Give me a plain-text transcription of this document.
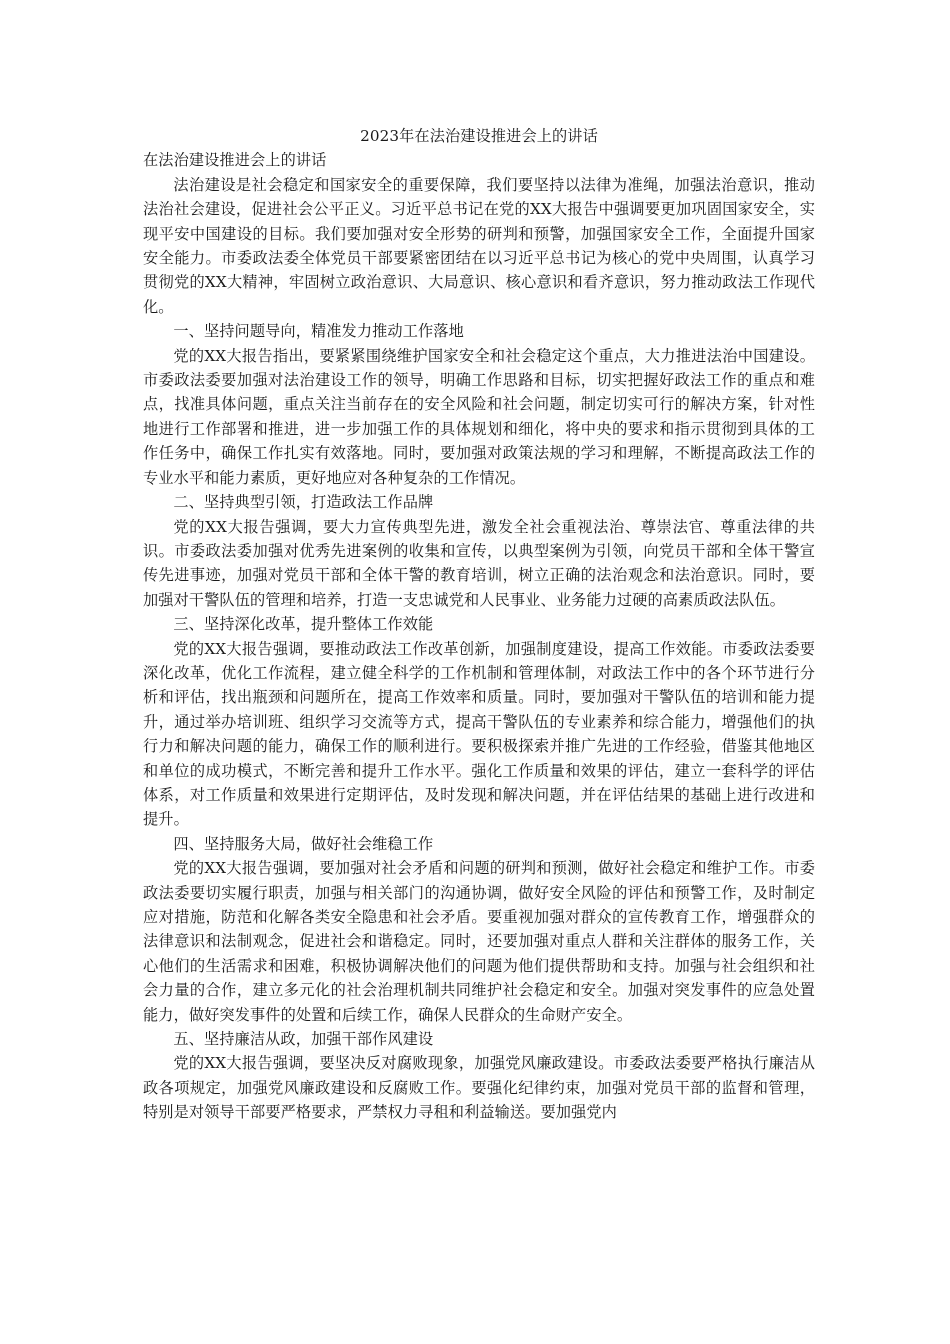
2023年在法治建设推进会上的讲话

在法治建设推进会上的讲话

法治建设是社会稳定和国家安全的重要保障，我们要坚持以法律为准绳，加强法治意识，推动法治社会建设，促进社会公平正义。习近平总书记在党的XX大报告中强调要更加巩固国家安全，实现平安中国建设的目标。我们要加强对安全形势的研判和预警，加强国家安全工作，全面提升国家安全能力。市委政法委全体党员干部要紧密团结在以习近平总书记为核心的党中央周围，认真学习贯彻党的XX大精神，牢固树立政治意识、大局意识、核心意识和看齐意识，努力推动政法工作现代化。

一、坚持问题导向，精准发力推动工作落地

党的XX大报告指出，要紧紧围绕维护国家安全和社会稳定这个重点，大力推进法治中国建设。市委政法委要加强对法治建设工作的领导，明确工作思路和目标，切实把握好政法工作的重点和难点，找准具体问题，重点关注当前存在的安全风险和社会问题，制定切实可行的解决方案，针对性地进行工作部署和推进，进一步加强工作的具体规划和细化，将中央的要求和指示贯彻到具体的工作任务中，确保工作扎实有效落地。同时，要加强对政策法规的学习和理解，不断提高政法工作的专业水平和能力素质，更好地应对各种复杂的工作情况。

二、坚持典型引领，打造政法工作品牌

党的XX大报告强调，要大力宣传典型先进，激发全社会重视法治、尊崇法官、尊重法律的共识。市委政法委加强对优秀先进案例的收集和宣传，以典型案例为引领，向党员干部和全体干警宣传先进事迹，加强对党员干部和全体干警的教育培训，树立正确的法治观念和法治意识。同时，要加强对干警队伍的管理和培养，打造一支忠诚党和人民事业、业务能力过硬的高素质政法队伍。

三、坚持深化改革，提升整体工作效能

党的XX大报告强调，要推动政法工作改革创新，加强制度建设，提高工作效能。市委政法委要深化改革，优化工作流程，建立健全科学的工作机制和管理体制，对政法工作中的各个环节进行分析和评估，找出瓶颈和问题所在，提高工作效率和质量。同时，要加强对干警队伍的培训和能力提升，通过举办培训班、组织学习交流等方式，提高干警队伍的专业素养和综合能力，增强他们的执行力和解决问题的能力，确保工作的顺利进行。要积极探索并推广先进的工作经验，借鉴其他地区和单位的成功模式，不断完善和提升工作水平。强化工作质量和效果的评估，建立一套科学的评估体系，对工作质量和效果进行定期评估，及时发现和解决问题，并在评估结果的基础上进行改进和提升。

四、坚持服务大局，做好社会维稳工作

党的XX大报告强调，要加强对社会矛盾和问题的研判和预测，做好社会稳定和维护工作。市委政法委要切实履行职责，加强与相关部门的沟通协调，做好安全风险的评估和预警工作，及时制定应对措施，防范和化解各类安全隐患和社会矛盾。要重视加强对群众的宣传教育工作，增强群众的法律意识和法制观念，促进社会和谐稳定。同时，还要加强对重点人群和关注群体的服务工作，关心他们的生活需求和困难，积极协调解决他们的问题为他们提供帮助和支持。加强与社会组织和社会力量的合作，建立多元化的社会治理机制共同维护社会稳定和安全。加强对突发事件的应急处置能力，做好突发事件的处置和后续工作，确保人民群众的生命财产安全。

五、坚持廉洁从政，加强干部作风建设

党的XX大报告强调，要坚决反对腐败现象，加强党风廉政建设。市委政法委要严格执行廉洁从政各项规定，加强党风廉政建设和反腐败工作。要强化纪律约束，加强对党员干部的监督和管理，特别是对领导干部要严格要求，严禁权力寻租和利益输送。要加强党内
